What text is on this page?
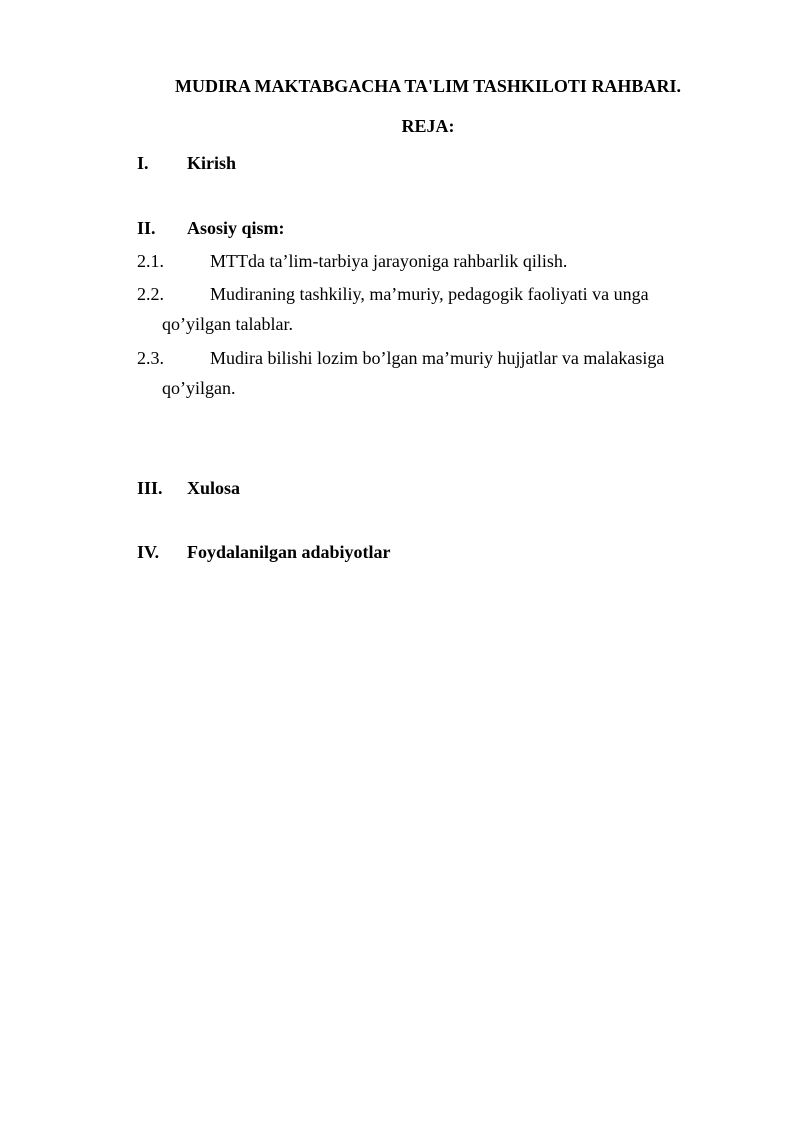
MUDIRA MAKTABGACHA TA'LIM TASHKILOTI RAHBARI.
REJA:
I. Kirish
II. Asosiy qism:
2.1.	MTTda ta’lim-tarbiya jarayoniga rahbarlik qilish.
2.2.	Mudiraning tashkiliy, ma’muriy, pedagogik faoliyati va unga
qo’yilgan talablar.
2.3.	Mudira bilishi lozim bo’lgan ma’muriy hujjatlar va malakasiga
qo’yilgan.
III. Xulosa
IV. Foydalanilgan adabiyotlar
